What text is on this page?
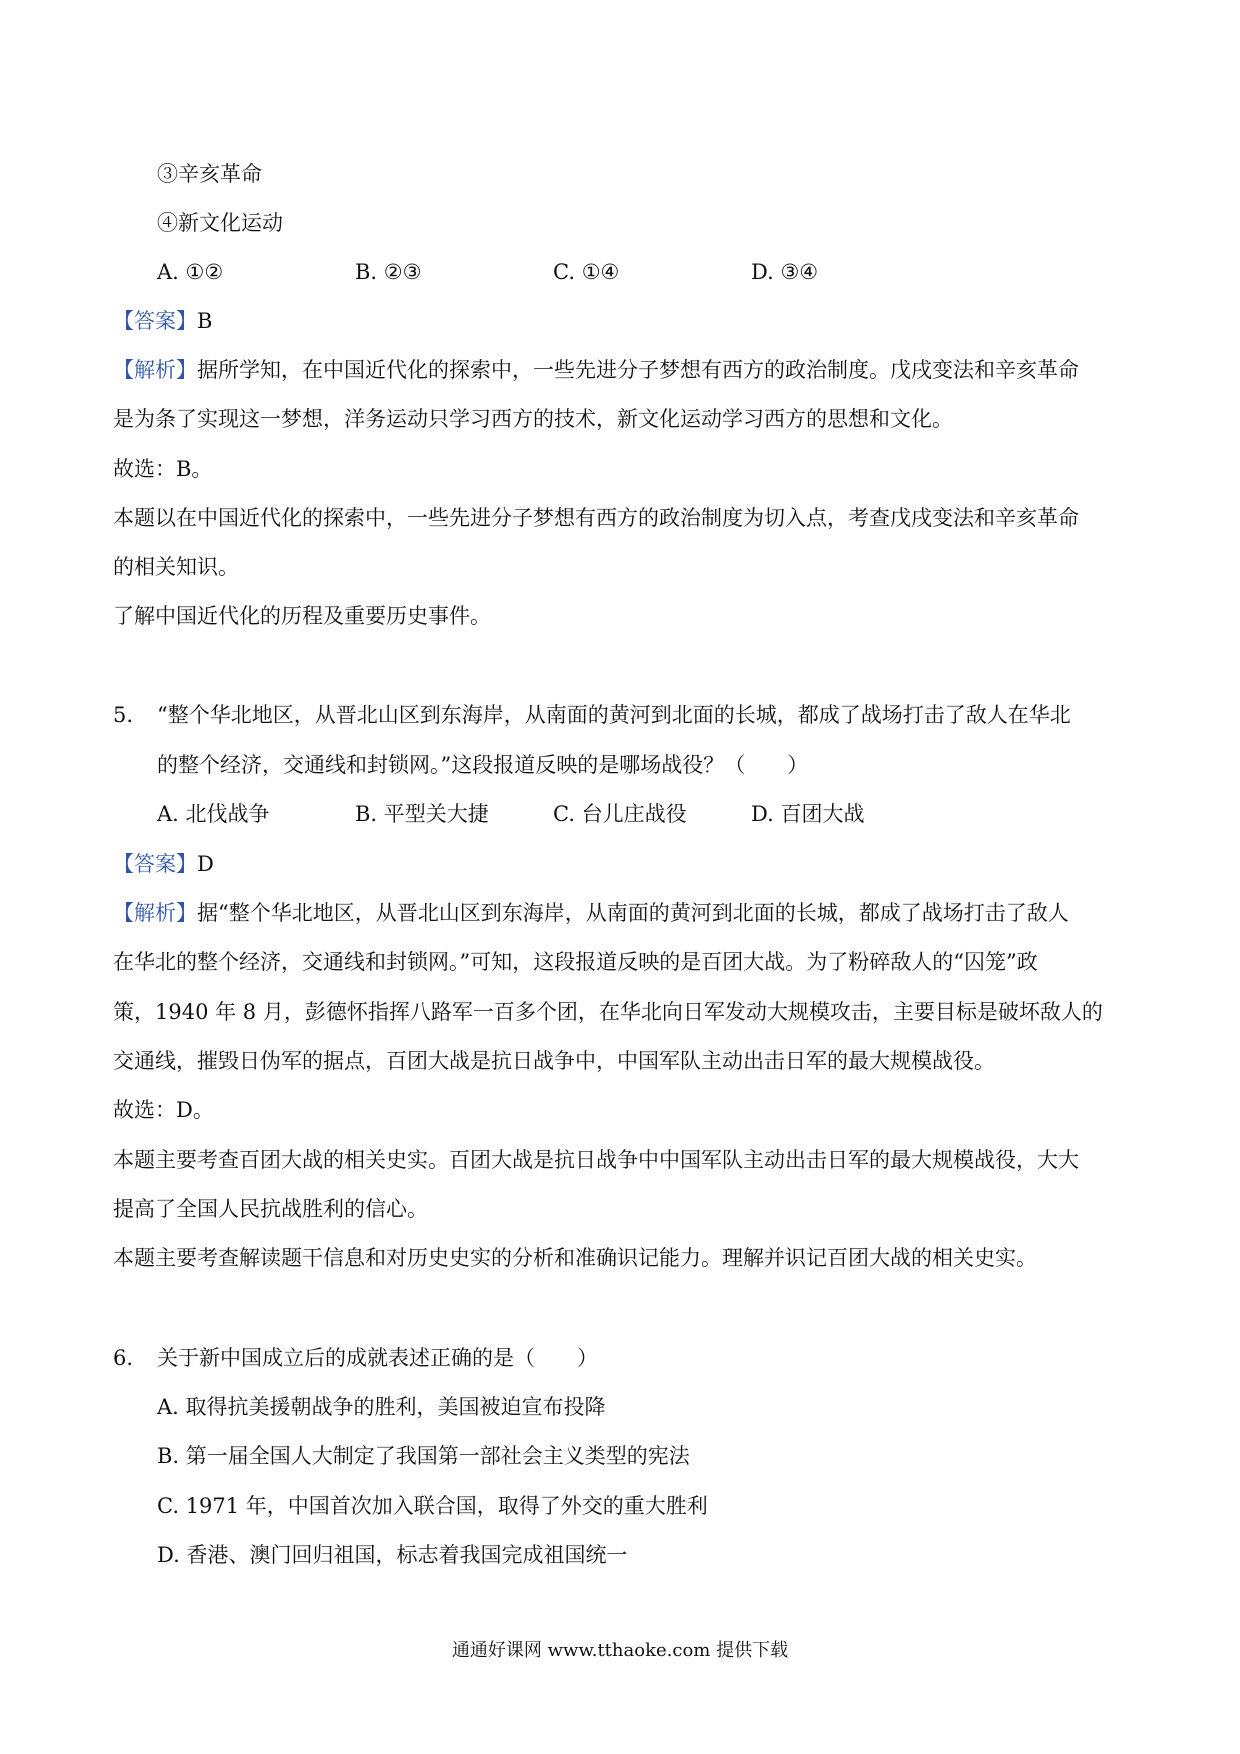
③辛亥革命
④新文化运动
A. ①②	B. ②③	C. ①④	D. ③④
【答案】B
【解析】据所学知，在中国近代化的探索中，一些先进分子梦想有西方的政治制度。戊戌变法和辛亥革命
是为条了实现这一梦想，洋务运动只学习西方的技术，新文化运动学习西方的思想和文化。
故选：B。
本题以在中国近代化的探索中，一些先进分子梦想有西方的政治制度为切入点，考查戊戌变法和辛亥革命
的相关知识。
了解中国近代化的历程及重要历史事件。
5. “整个华北地区，从晋北山区到东海岸，从南面的黄河到北面的长城，都成了战场打击了敌人在华北
的整个经济，交通线和封锁网。”这段报道反映的是哪场战役？（　　）
A. 北伐战争	B. 平型关大捷	C. 台儿庄战役	D. 百团大战
【答案】D
【解析】据“整个华北地区，从晋北山区到东海岸，从南面的黄河到北面的长城，都成了战场打击了敌人
在华北的整个经济，交通线和封锁网。”可知，这段报道反映的是百团大战。为了粉碎敌人的“囚笼”政
策，1940 年 8 月，彭德怀指挥八路军一百多个团，在华北向日军发动大规模攻击，主要目标是破坏敌人的
交通线，摧毁日伪军的据点，百团大战是抗日战争中，中国军队主动出击日军的最大规模战役。
故选：D。
本题主要考查百团大战的相关史实。百团大战是抗日战争中中国军队主动出击日军的最大规模战役，大大
提高了全国人民抗战胜利的信心。
本题主要考查解读题干信息和对历史史实的分析和准确识记能力。理解并识记百团大战的相关史实。
6. 关于新中国成立后的成就表述正确的是（　　）
A. 取得抗美援朝战争的胜利，美国被迫宣布投降
B. 第一届全国人大制定了我国第一部社会主义类型的宪法
C. 1971 年，中国首次加入联合国，取得了外交的重大胜利
D. 香港、澳门回归祖国，标志着我国完成祖国统一
通通好课网 www.tthaoke.com 提供下载
